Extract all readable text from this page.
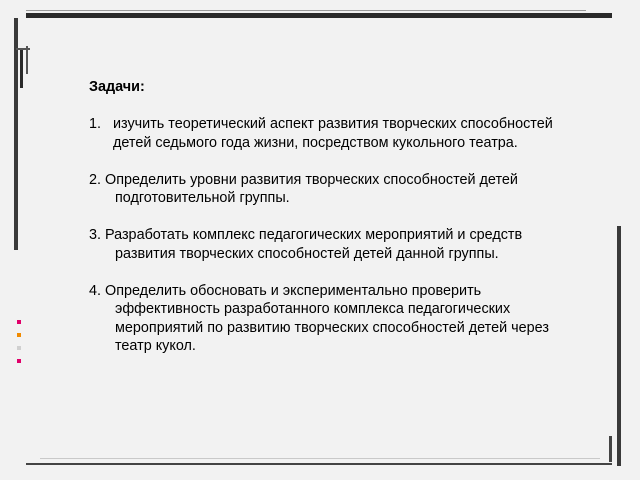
Задачи:
1. изучить теоретический аспект развития творческих способностей детей седьмого года жизни, посредством кукольного театра.
2. Определить уровни развития творческих способностей детей подготовительной группы.
3. Разработать комплекс педагогических мероприятий и средств развития творческих способностей детей данной группы.
4. Определить обосновать и экспериментально проверить эффективность разработанного комплекса педагогических мероприятий по развитию творческих способностей детей через театр кукол.
